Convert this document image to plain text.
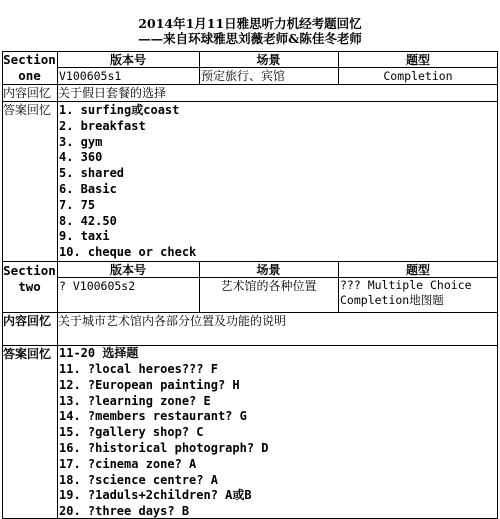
2014年1月11日雅思听力机经考题回忆
——来自环球雅思刘薇老师&陈佳冬老师
Section
one
版本号	场景	题型
V100605s1	预定旅行、宾馆	Completion
内容回忆 关于假日套餐的选择
答案回忆 1. surfing或coast
2. breakfast
3. gym
4. 360
5. shared
6. Basic
7. 75
8. 42.50
9. taxi
10. cheque or check
Section
two
版本号	场景	题型
? V100605s2	艺术馆的各种位置	??? Multiple Choice
Completion地图题
内容回忆 关于城市艺术馆内各部分位置及功能的说明
答案回忆 11-20 选择题
11. ?local heroes??? F
12. ?European painting? H
13. ?learning zone? E
14. ?members restaurant? G
15. ?gallery shop? C
16. ?historical photograph? D
17. ?cinema zone? A
18. ?science centre? A
19. ?1aduls+2children? A或B
20. ?three days? B
